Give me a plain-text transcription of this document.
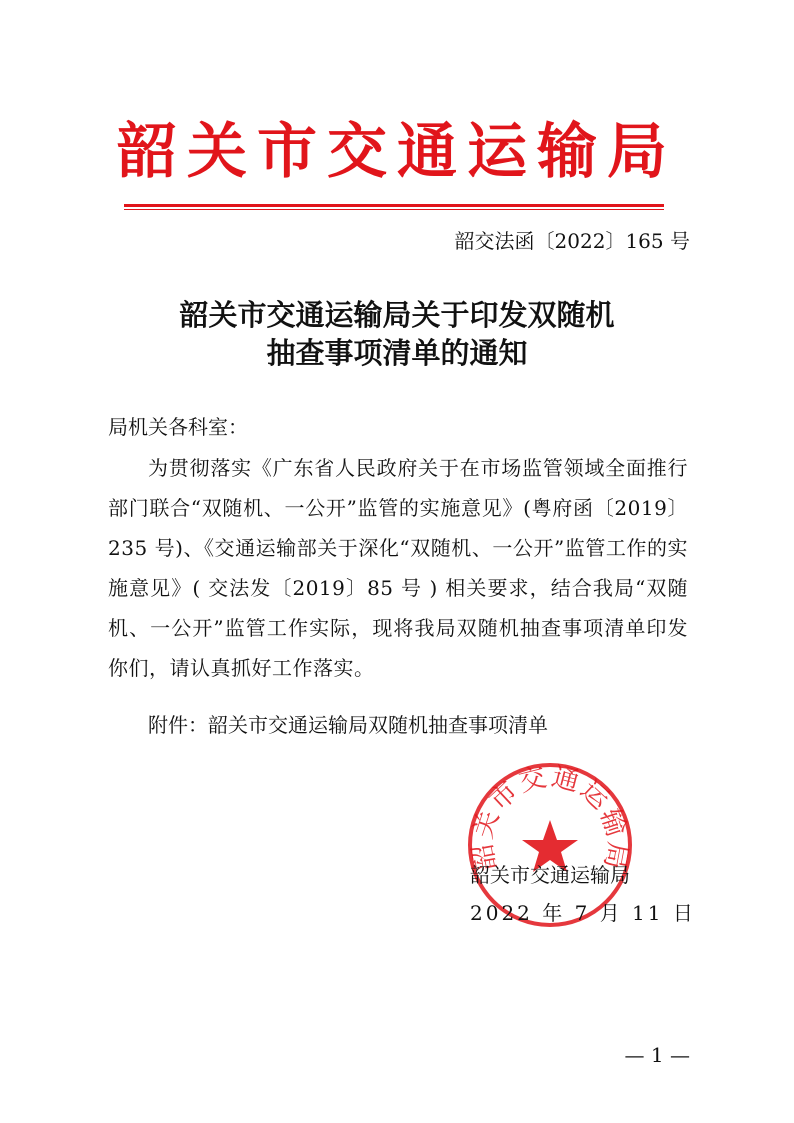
韶关市交通运输局
韶交法函〔2022〕165 号
韶关市交通运输局关于印发双随机
抽查事项清单的通知
局机关各科室：

为贯彻落实《广东省人民政府关于在市场监管领域全面推行部门联合“双随机、一公开”监管的实施意见》(粤府函〔2019〕235 号)、《交通运输部关于深化“双随机、一公开”监管工作的实施意见》( 交法发〔2019〕85 号 ) 相关要求，结合我局“双随机、一公开”监管工作实际，现将我局双随机抽查事项清单印发你们，请认真抓好工作落实。

附件：韶关市交通运输局双随机抽查事项清单
韶关市交通运输局
韶关市交通运输局
2022 年 7 月 11 日
— 1 —
